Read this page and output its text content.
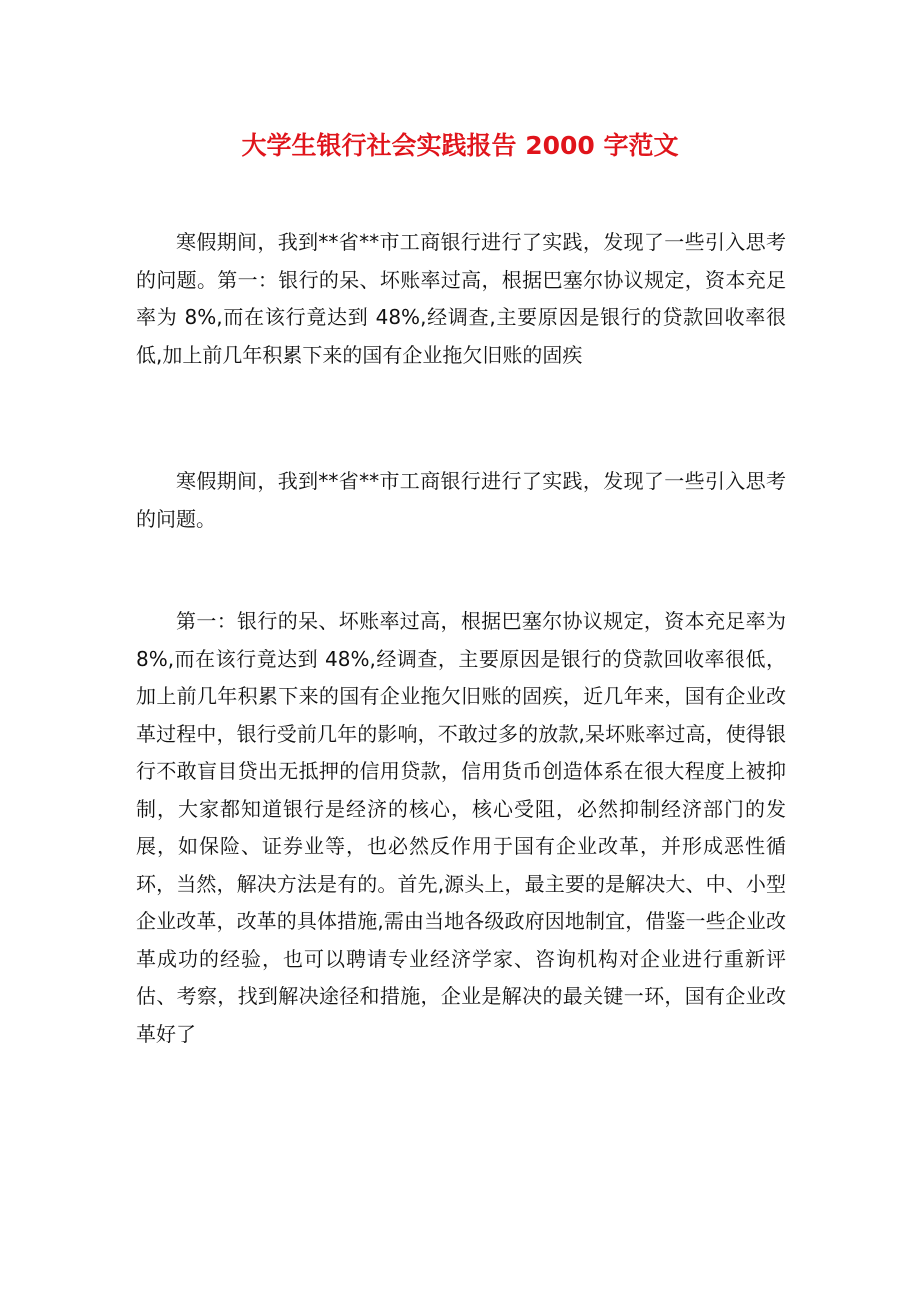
大学生银行社会实践报告 2000 字范文

寒假期间，我到**省**市工商银行进行了实践，发现了一些引入思考的问题。第一：银行的呆、坏账率过高，根据巴塞尔协议规定，资本充足率为 8%,而在该行竟达到 48%,经调查,主要原因是银行的贷款回收率很低,加上前几年积累下来的国有企业拖欠旧账的固疾

寒假期间，我到**省**市工商银行进行了实践，发现了一些引入思考的问题。

第一：银行的呆、坏账率过高，根据巴塞尔协议规定，资本充足率为 8%,而在该行竟达到 48%,经调查，主要原因是银行的贷款回收率很低，加上前几年积累下来的国有企业拖欠旧账的固疾，近几年来，国有企业改革过程中，银行受前几年的影响，不敢过多的放款,呆坏账率过高，使得银行不敢盲目贷出无抵押的信用贷款，信用货币创造体系在很大程度上被抑制，大家都知道银行是经济的核心，核心受阻，必然抑制经济部门的发展，如保险、证券业等，也必然反作用于国有企业改革，并形成恶性循环，当然，解决方法是有的。首先,源头上，最主要的是解决大、中、小型企业改革，改革的具体措施,需由当地各级政府因地制宜，借鉴一些企业改革成功的经验，也可以聘请专业经济学家、咨询机构对企业进行重新评估、考察，找到解决途径和措施，企业是解决的最关键一环，国有企业改革好了
